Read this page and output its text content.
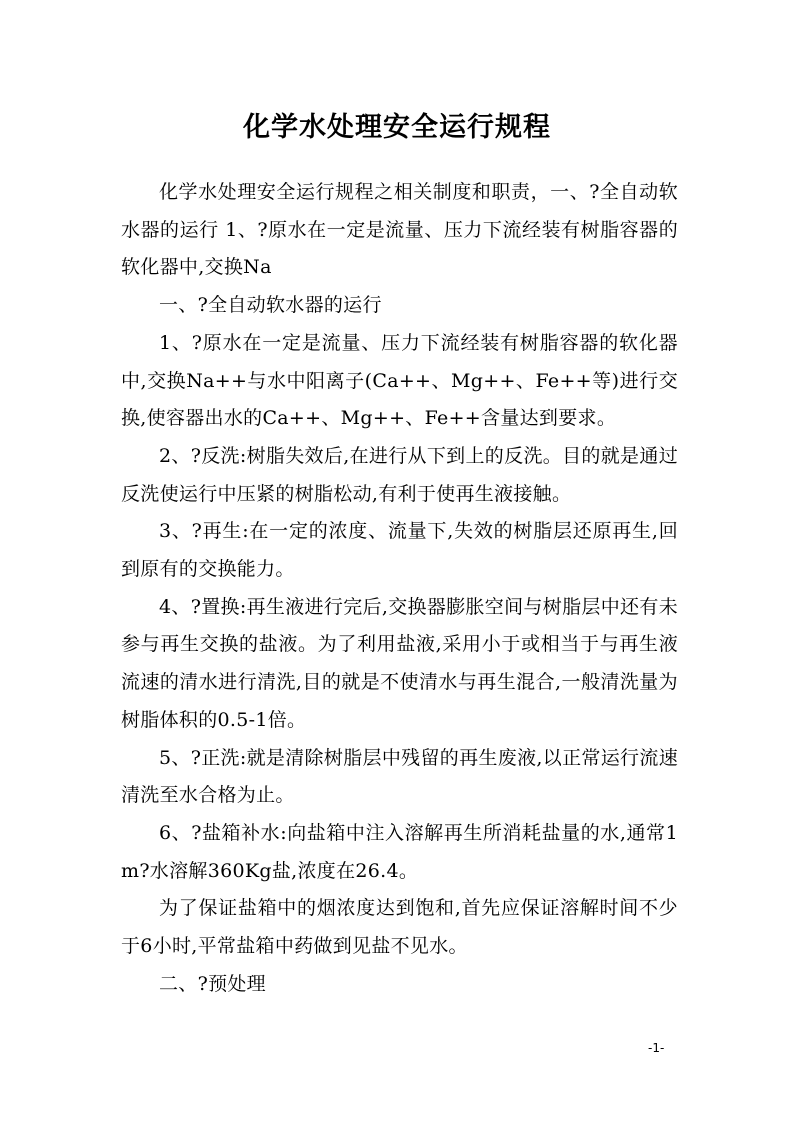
化学水处理安全运行规程

化学水处理安全运行规程之相关制度和职责，一、?全自动软水器的运行 1、?原水在一定是流量、压力下流经装有树脂容器的软化器中,交换Na

一、?全自动软水器的运行

1、?原水在一定是流量、压力下流经装有树脂容器的软化器中,交换Na++与水中阳离子(Ca++、Mg++、Fe++等)进行交换,使容器出水的Ca++、Mg++、Fe++含量达到要求。

2、?反洗:树脂失效后,在进行从下到上的反洗。目的就是通过反洗使运行中压紧的树脂松动,有利于使再生液接触。

3、?再生:在一定的浓度、流量下,失效的树脂层还原再生,回到原有的交换能力。

4、?置换:再生液进行完后,交换器膨胀空间与树脂层中还有未参与再生交换的盐液。为了利用盐液,采用小于或相当于与再生液流速的清水进行清洗,目的就是不使清水与再生混合,一般清洗量为树脂体积的0.5-1倍。

5、?正洗:就是清除树脂层中残留的再生废液,以正常运行流速清洗至水合格为止。

6、?盐箱补水:向盐箱中注入溶解再生所消耗盐量的水,通常1m?水溶解360Kg盐,浓度在26.4。

为了保证盐箱中的烟浓度达到饱和,首先应保证溶解时间不少于6小时,平常盐箱中药做到见盐不见水。

二、?预处理

-1-
